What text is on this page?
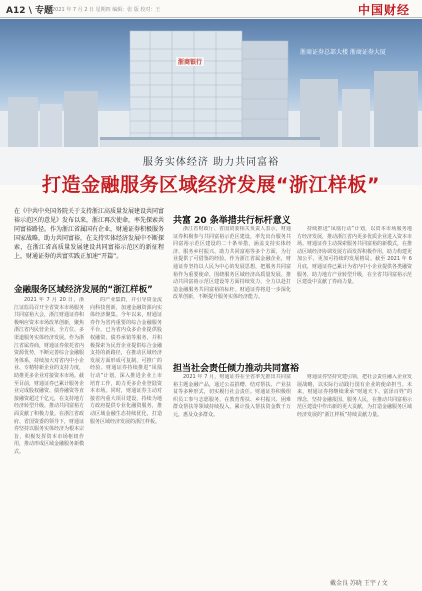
A12 \ 专题
2021 年 7 月 2 日 星期四 编辑：张 版 校对：王	中国财经
浙商银行
浙商证券总部大楼 浙商证券大厦
服务实体经济 助力共同富裕
打造金融服务区域经济发展“浙江样板”
在《中共中央国务院关于支持浙江高质量发展建设共同富裕示范区的意见》发布以来，浙江再次使命，率先探索共同富裕路径。作为浙江省属国有企业，财通证券积极服务国家战略，助力共同富裕，在支持实体经济发展中不断探索，在浙江省高质量发展建设共同富裕示范区的新征程上，财通证券的共富实践正加速“开篇”。
金融服务区域经济发展的“浙江样板”
2021 年 7 月 20 日，浙江证监局召开全省资本市场服务共同富裕大会，浙江财通证券积极响应资本市场改革创新，聚焦浙江省内民营企业，全方位、多渠道服务实体经济发展。作为浙江省属券商，财通证券依托省内资源优势，不断完善综合金融服务体系，持续加大对省内中小企业、专精特新企业的支持力度，助推更多企业对接资本市场。截至目前，财通证券已累计服务企业完成股权融资、债券融资等直接融资超过千亿元，在支持地方经济转型升级、推动共同富裕方面贡献了积极力量。在浙江省政府、省国资委的领导下，财通证券坚持以服务实体经济为根本宗旨，积极发挥资本市场枢纽作用，推动形成区域金融服务新模式。
的产业集群，并引导资金流向科技创新，加速金融资源向实体经济聚集。今年以来，财通证券作为省内重要的综合金融服务平台，已为省内众多企业提供股权融资、债券承销等服务，并积极探索为民营企业提供综合金融支持的新路径，在推动区域经济发展方面形成可复制、可推广的经验。财通证券持续推进“凤凰行动”计划，深入推进企业上市培育工作，助力更多企业登陆资本市场。同时，财通证券主动对接省内重大项目建设，持续为地方政府提供专业化融资服务，推动区域金融生态持续优化，打造服务区域经济发展的浙江样板。
共富 20 条举措共行标杆意义
浙江省财政厅、省国资委相关负责人表示，财通证券积极参与共同富裕示范区建设，率先出台服务共同富裕示范区建设的二十条举措，涵盖支持实体经济、服务乡村振兴、助力共同富裕等多个方面，为行业提供了可借鉴的经验。作为浙江省属金融企业，财通证券坚持以人民为中心的发展思想，把服务共同富裕作为重要使命，围绕服务区域经济高质量发展、推动共同富裕示范区建设等方面持续发力，全力以赴打造金融服务共同富裕的标杆。财通证券将进一步深化改革创新，不断提升服务实体经济能力。
持续推进“凤凰行动”计划，以资本市场服务地方经济发展，推动浙江省内更多优质企业进入资本市场。财通证券主动探索服务共同富裕的新模式，在推动区域经济协调发展方面发挥积极作用，助力构建更加公平、更加可持续的发展格局。截至 2021 年 6 月底，财通证券已累计为省内中小企业提供各类融资服务，助力地方产业转型升级，在全省共同富裕示范区建设中贡献了券商力量。
担当社会责任倾力推动共同富裕
2021 年 7 月，财通证券在全省率先推出共同富裕主题金融产品，通过公益捐赠、结对帮扶、产业扶贫等多种形式，切实履行社会责任。财通证券积极组织员工参与志愿服务，在教育帮扶、乡村振兴、困难群众帮扶等领域持续投入，累计投入帮扶资金数千万元，惠及众多群众。
财通证券坚持党建引领，把社会责任融入企业发展战略，以实际行动践行国有企业的使命担当。未来，财通证券将继续秉承“财通天下、富泽百姓”的理念，坚持金融报国、服务人民，在推动共同富裕示范区建设中作出新的更大贡献，为打造金融服务区域经济发展的“浙江样板”持续贡献力量。
戴金良 苏晓 王宇 / 文
